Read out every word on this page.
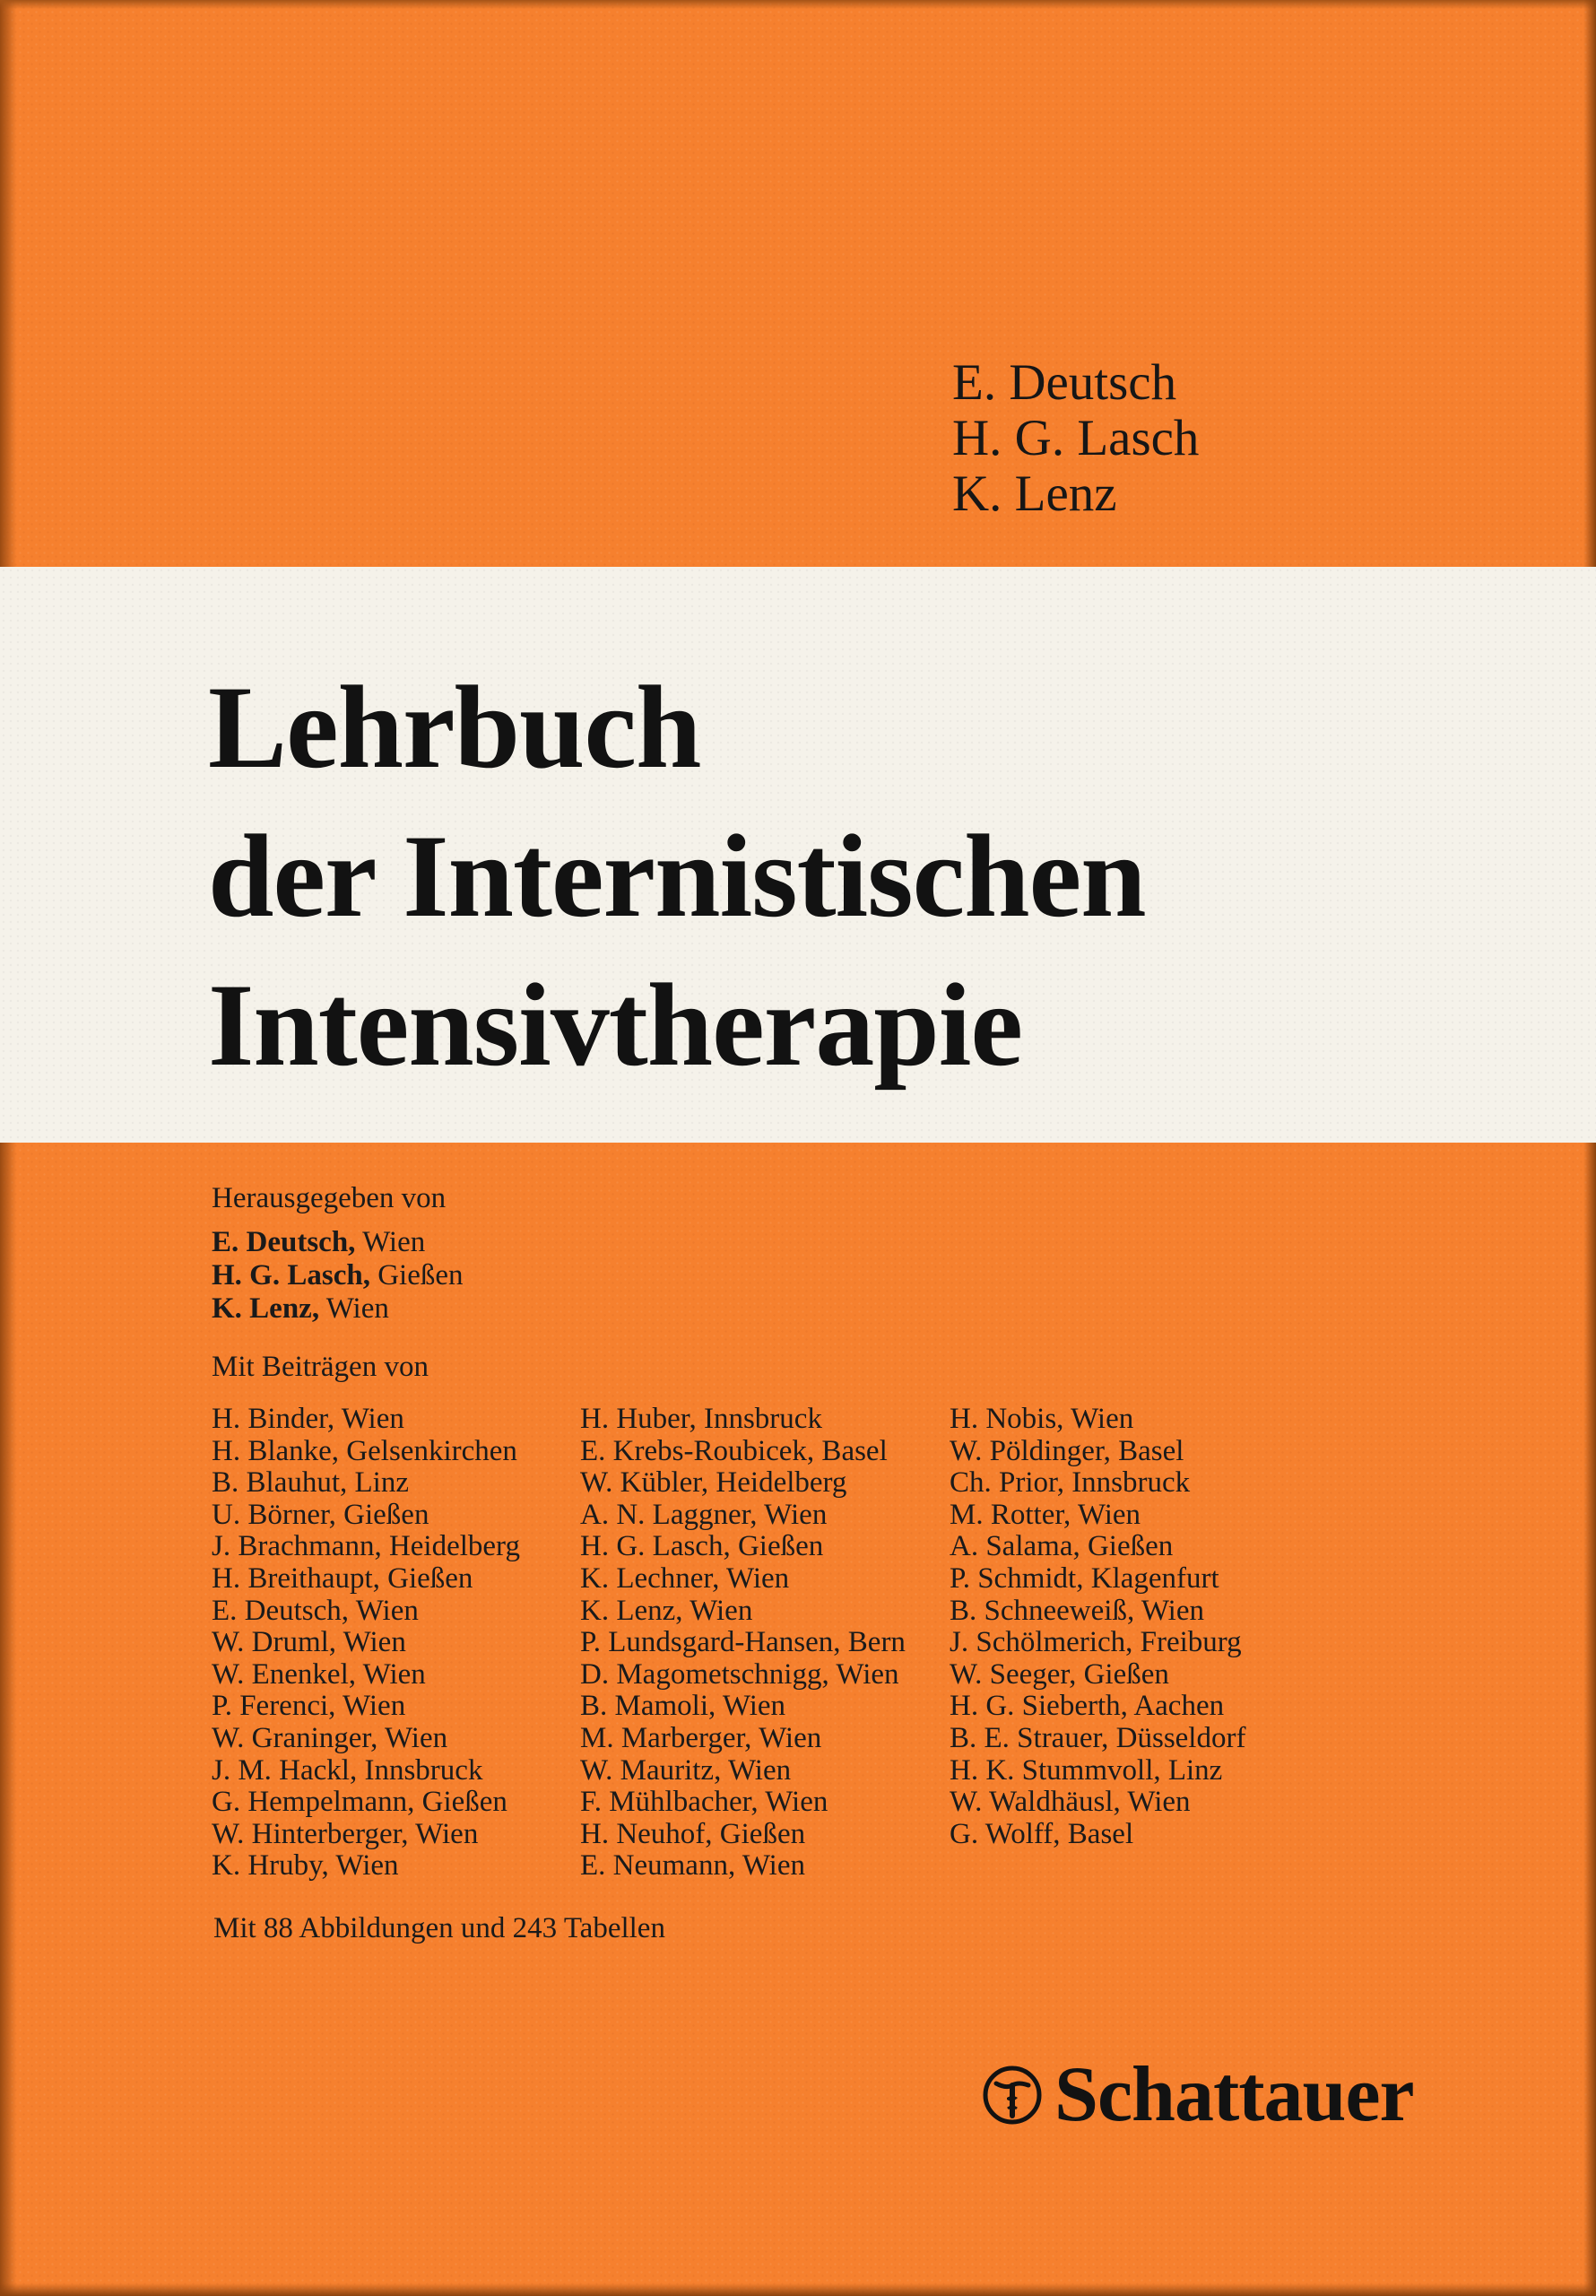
E. Deutsch
H. G. Lasch
K. Lenz
Lehrbuch
der Internistischen
Intensivtherapie
Herausgegeben von
E. Deutsch, Wien
H. G. Lasch, Gießen
K. Lenz, Wien
Mit Beiträgen von
H. Binder, Wien
H. Blanke, Gelsenkirchen
B. Blauhut, Linz
U. Börner, Gießen
J. Brachmann, Heidelberg
H. Breithaupt, Gießen
E. Deutsch, Wien
W. Druml, Wien
W. Enenkel, Wien
P. Ferenci, Wien
W. Graninger, Wien
J. M. Hackl, Innsbruck
G. Hempelmann, Gießen
W. Hinterberger, Wien
K. Hruby, Wien
H. Huber, Innsbruck
E. Krebs-Roubicek, Basel
W. Kübler, Heidelberg
A. N. Laggner, Wien
H. G. Lasch, Gießen
K. Lechner, Wien
K. Lenz, Wien
P. Lundsgard-Hansen, Bern
D. Magometschnigg, Wien
B. Mamoli, Wien
M. Marberger, Wien
W. Mauritz, Wien
F. Mühlbacher, Wien
H. Neuhof, Gießen
E. Neumann, Wien
H. Nobis, Wien
W. Pöldinger, Basel
Ch. Prior, Innsbruck
M. Rotter, Wien
A. Salama, Gießen
P. Schmidt, Klagenfurt
B. Schneeweiß, Wien
J. Schölmerich, Freiburg
W. Seeger, Gießen
H. G. Sieberth, Aachen
B. E. Strauer, Düsseldorf
H. K. Stummvoll, Linz
W. Waldhäusl, Wien
G. Wolff, Basel
Mit 88 Abbildungen und 243 Tabellen
Schattauer
